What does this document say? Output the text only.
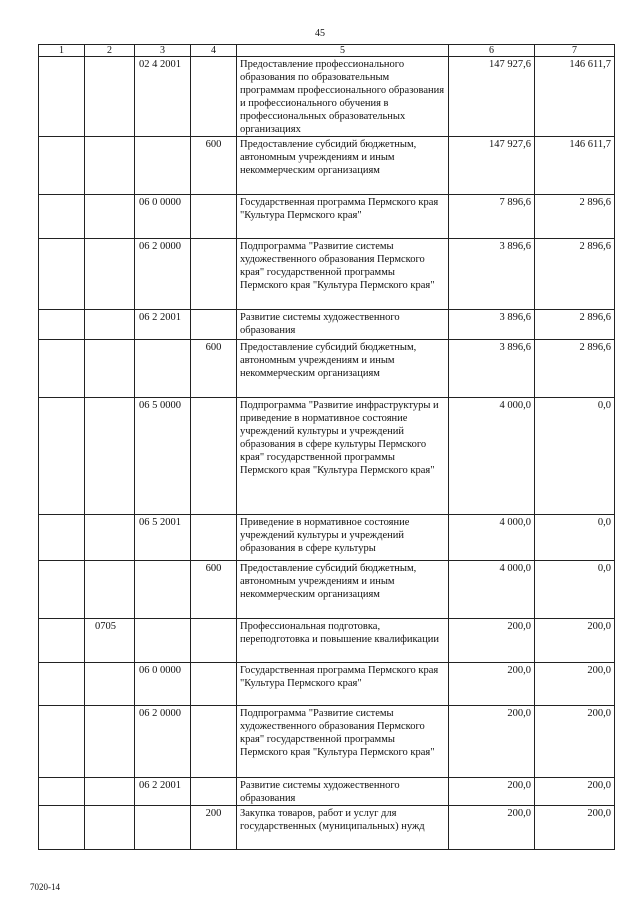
45
1	2	3	4	5	6	7
		02 4 2001		Предоставление профессионального образования по образовательным программам профессионального образования и профессионального обучения в профессиональных образовательных организациях	147 927,6	146 611,7
			600	Предоставление субсидий бюджетным, автономным учреждениям и иным некоммерческим организациям	147 927,6	146 611,7
		06 0 0000		Государственная программа Пермского края "Культура Пермского края"	7 896,6	2 896,6
		06 2 0000		Подпрограмма "Развитие системы художественного образования Пермского края" государственной программы Пермского края "Культура Пермского края"	3 896,6	2 896,6
		06 2 2001		Развитие системы художественного образования	3 896,6	2 896,6
			600	Предоставление субсидий бюджетным, автономным учреждениям и иным некоммерческим организациям	3 896,6	2 896,6
		06 5 0000		Подпрограмма "Развитие инфраструктуры и приведение в нормативное состояние учреждений культуры и учреждений образования в сфере культуры Пермского края" государственной программы Пермского края "Культура Пермского края"	4 000,0	0,0
		06 5 2001		Приведение в нормативное состояние учреждений культуры и учреждений образования в сфере культуры	4 000,0	0,0
			600	Предоставление субсидий бюджетным, автономным учреждениям и иным некоммерческим организациям	4 000,0	0,0
	0705			Профессиональная подготовка, переподготовка и повышение квалификации	200,0	200,0
		06 0 0000		Государственная программа Пермского края "Культура Пермского края"	200,0	200,0
		06 2 0000		Подпрограмма "Развитие системы художественного образования Пермского края" государственной программы Пермского края "Культура Пермского края"	200,0	200,0
		06 2 2001		Развитие системы художественного образования	200,0	200,0
			200	Закупка товаров, работ и услуг для государственных (муниципальных) нужд	200,0	200,0
7020-14
